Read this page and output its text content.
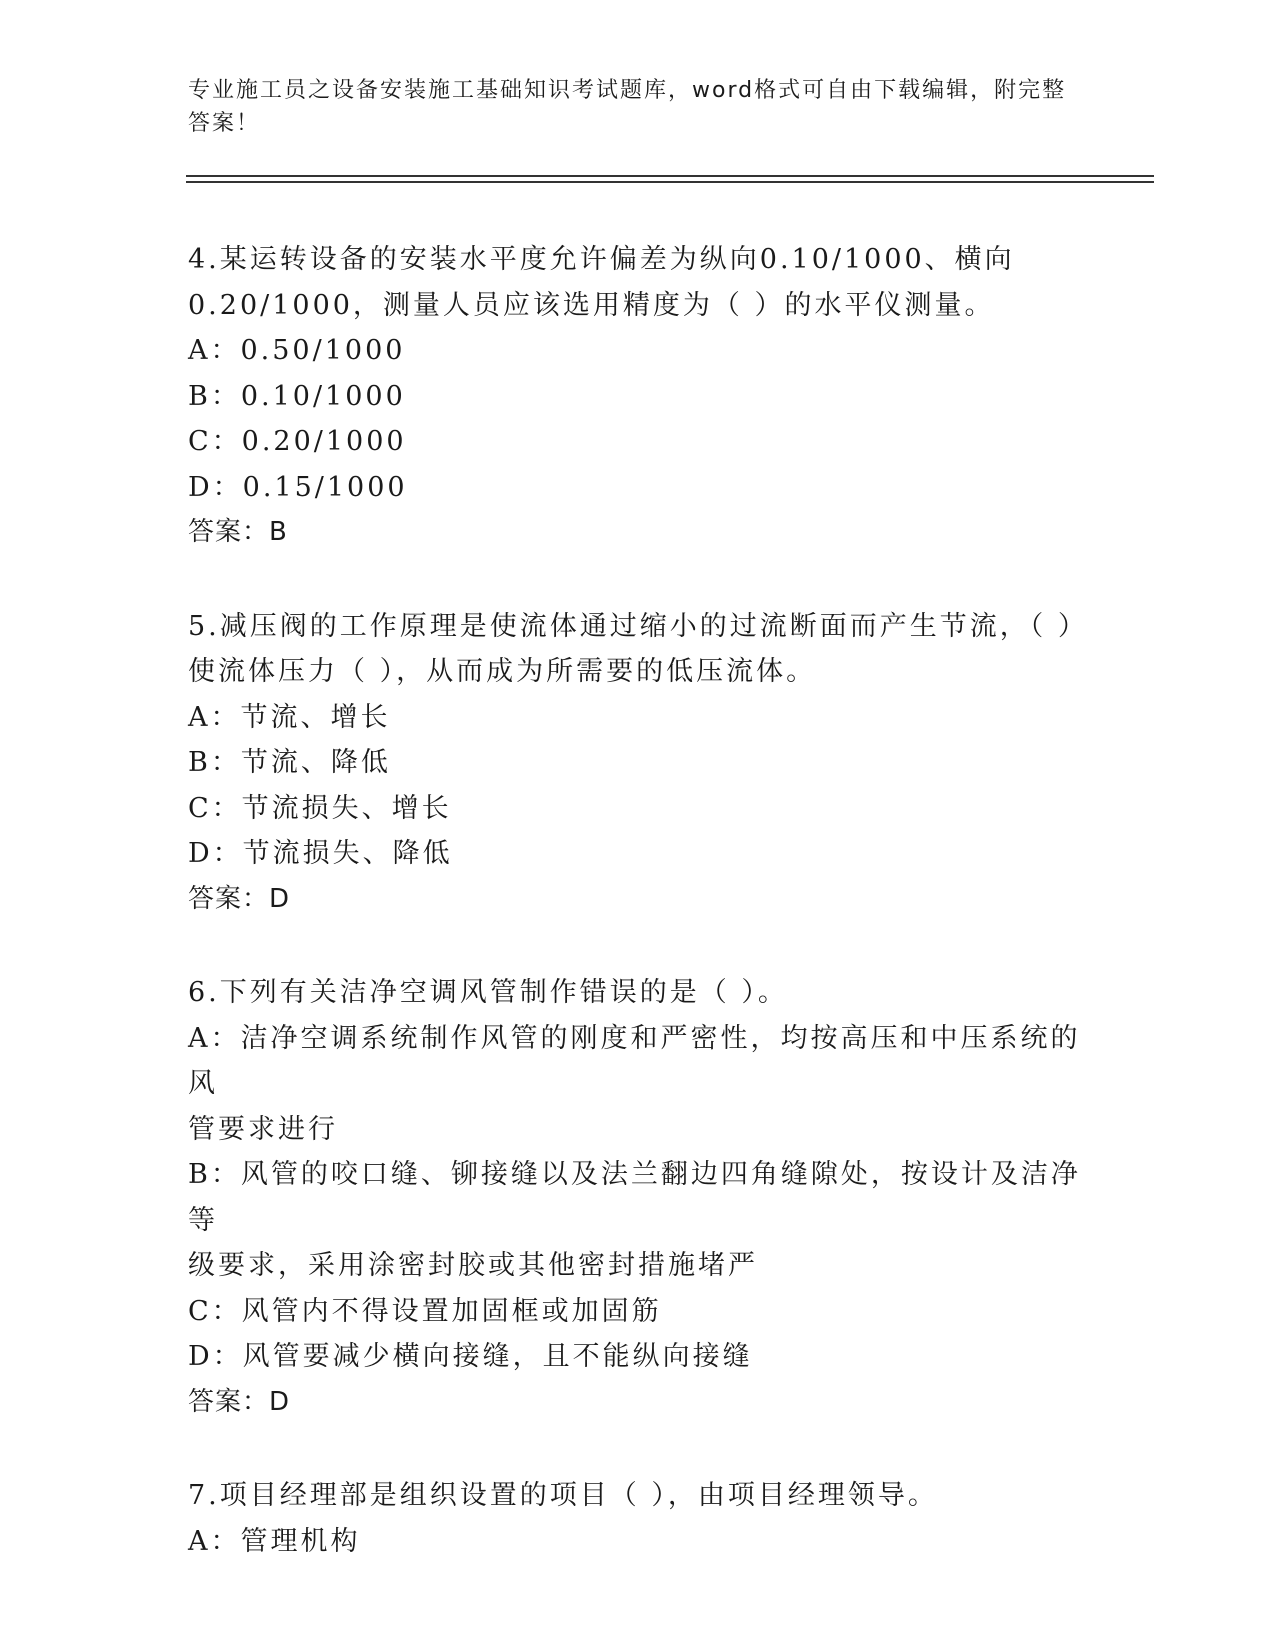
专业施工员之设备安装施工基础知识考试题库，word格式可自由下载编辑，附完整答案！
4.某运转设备的安装水平度允许偏差为纵向0.10/1000、横向
0.20/1000，测量人员应该选用精度为（ ）的水平仪测量。
A：0.50/1000
B：0.10/1000
C：0.20/1000
D：0.15/1000
答案：B
5.减压阀的工作原理是使流体通过缩小的过流断面而产生节流，（ ）
使流体压力（ ），从而成为所需要的低压流体。
A：节流、增长
B：节流、降低
C：节流损失、增长
D：节流损失、降低
答案：D
6.下列有关洁净空调风管制作错误的是（ ）。
A：洁净空调系统制作风管的刚度和严密性，均按高压和中压系统的风
管要求进行
B：风管的咬口缝、铆接缝以及法兰翻边四角缝隙处，按设计及洁净等
级要求，采用涂密封胶或其他密封措施堵严
C：风管内不得设置加固框或加固筋
D：风管要减少横向接缝，且不能纵向接缝
答案：D
7.项目经理部是组织设置的项目（ ），由项目经理领导。
A：管理机构
